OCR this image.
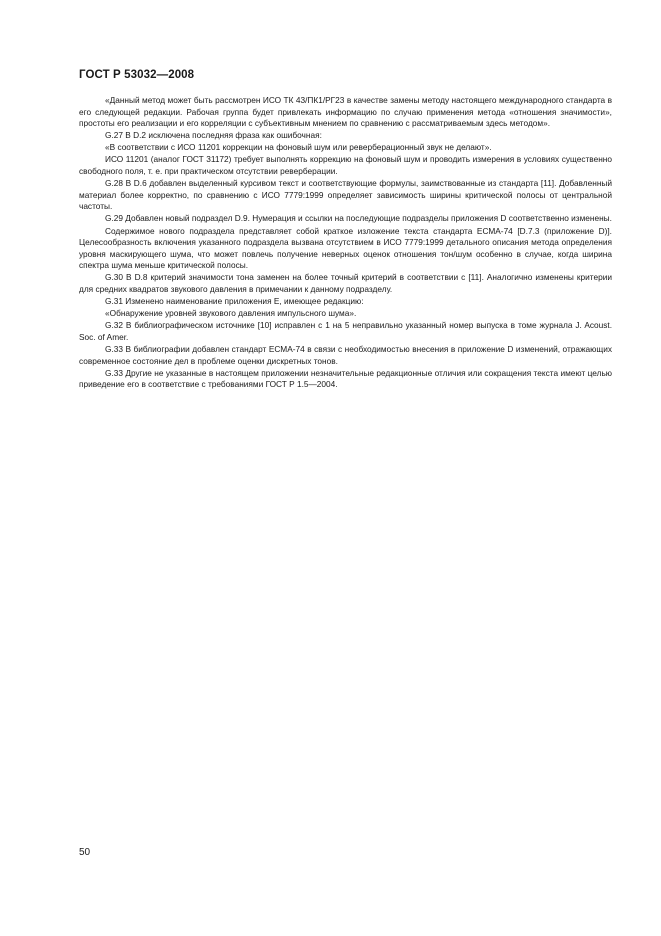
ГОСТ Р 53032—2008

«Данный метод может быть рассмотрен ИСО ТК 43/ПК1/РГ23 в качестве замены методу настоящего международного стандарта в его следующей редакции. Рабочая группа будет привлекать информацию по случаю применения метода «отношения значимости», простоты его реализации и его корреляции с субъективным мнением по сравнению с рассматриваемым здесь методом».

G.27 В D.2 исключена последняя фраза как ошибочная:

«В соответствии с ИСО 11201 коррекции на фоновый шум или реверберационный звук не делают».

ИСО 11201 (аналог ГОСТ 31172) требует выполнять коррекцию на фоновый шум и проводить измерения в условиях существенно свободного поля, т. е. при практическом отсутствии реверберации.

G.28 В D.6 добавлен выделенный курсивом текст и соответствующие формулы, заимствованные из стандарта [11]. Добавленный материал более корректно, по сравнению с ИСО 7779:1999 определяет зависимость ширины критической полосы от центральной частоты.

G.29 Добавлен новый подраздел D.9. Нумерация и ссылки на последующие подразделы приложения D соответственно изменены.

Содержимое нового подраздела представляет собой краткое изложение текста стандарта ЕСМА-74 [D.7.3 (приложение D)]. Целесообразность включения указанного подраздела вызвана отсутствием в ИСО 7779:1999 детального описания метода определения уровня маскирующего шума, что может повлечь получение неверных оценок отношения тон/шум особенно в случае, когда ширина спектра шума меньше критической полосы.

G.30 В D.8 критерий значимости тона заменен на более точный критерий в соответствии с [11]. Аналогично изменены критерии для средних квадратов звукового давления в примечании к данному подразделу.

G.31 Изменено наименование приложения Е, имеющее редакцию:

«Обнаружение уровней звукового давления импульсного шума».

G.32 В библиографическом источнике [10] исправлен с 1 на 5 неправильно указанный номер выпуска в томе журнала J. Acoust. Soc. of Amer.

G.33 В библиографии добавлен стандарт ЕСМА-74 в связи с необходимостью внесения в приложение D изменений, отражающих современное состояние дел в проблеме оценки дискретных тонов.

G.33 Другие не указанные в настоящем приложении незначительные редакционные отличия или сокращения текста имеют целью приведение его в соответствие с требованиями ГОСТ Р 1.5—2004.

50
